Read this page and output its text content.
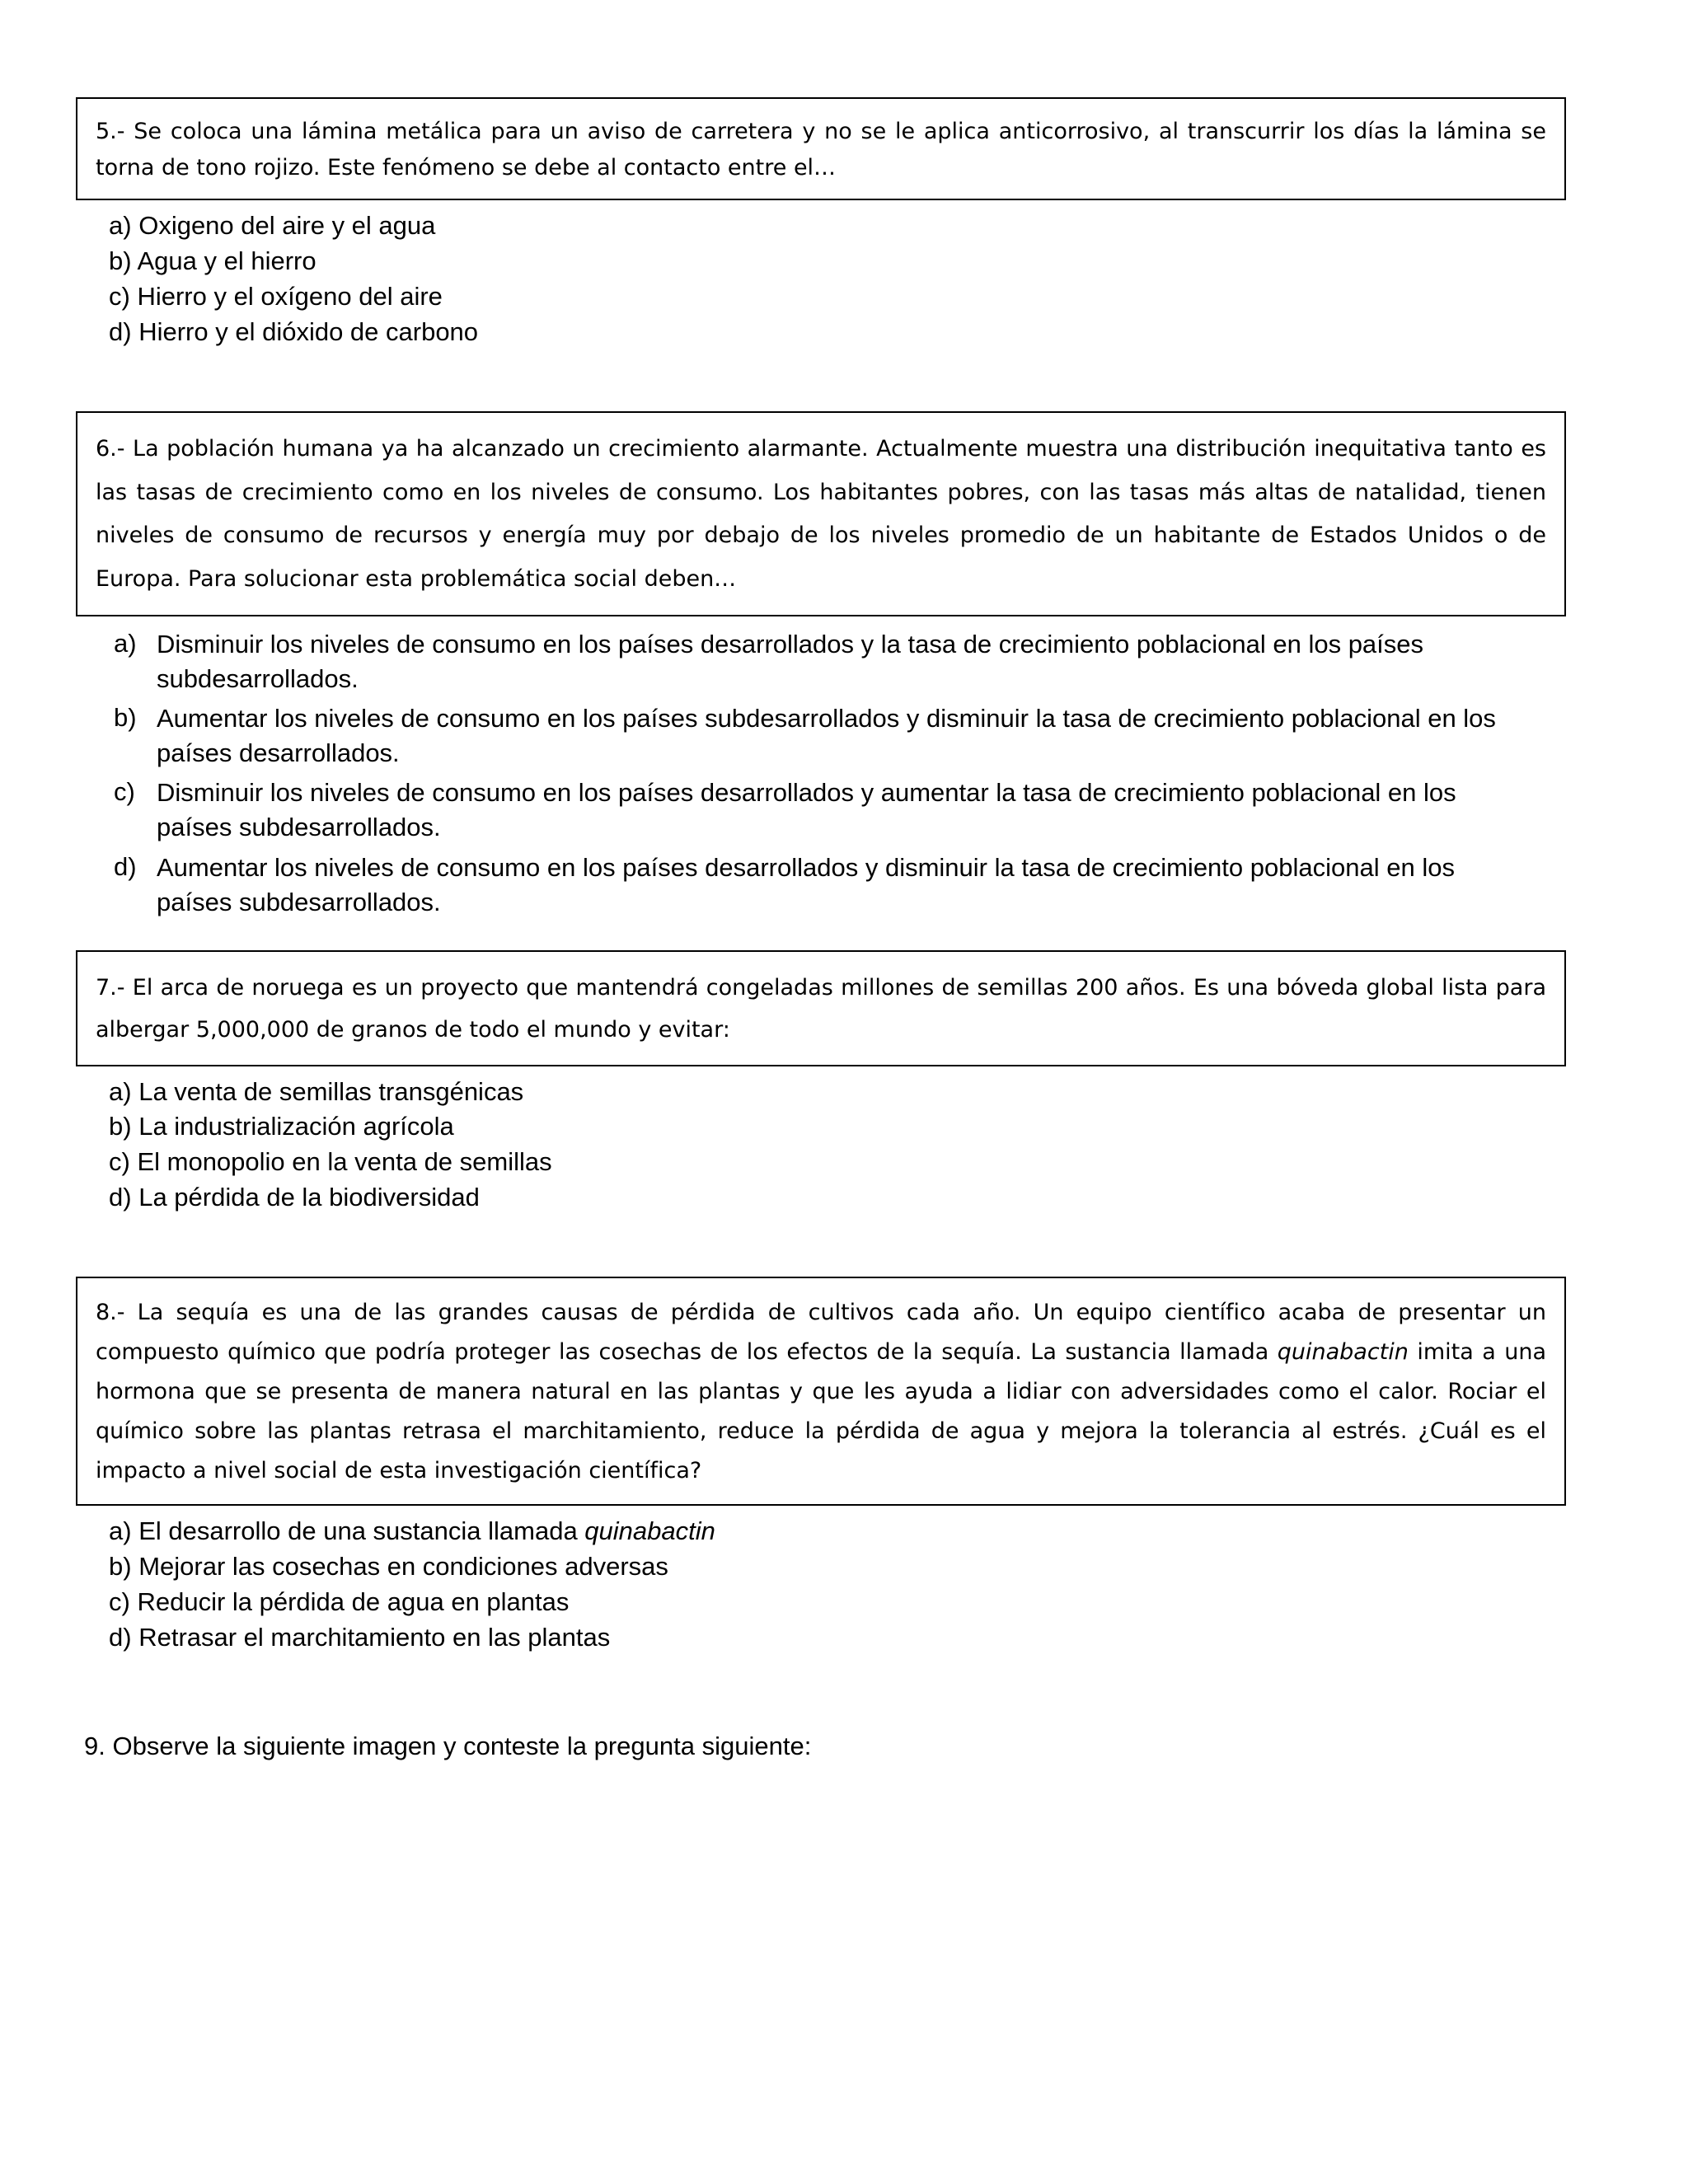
5.- Se coloca una lámina metálica para un aviso de carretera y no se le aplica anticorrosivo, al transcurrir los días la lámina se torna de tono rojizo. Este fenómeno se debe al contacto entre el…
a) Oxigeno del aire y el agua
b) Agua y el hierro
c) Hierro y el oxígeno del aire
d) Hierro y el dióxido de carbono
6.- La población humana ya ha alcanzado un crecimiento alarmante. Actualmente muestra una distribución inequitativa tanto es las tasas de crecimiento como en los niveles de consumo. Los habitantes pobres, con las tasas más altas de natalidad, tienen niveles de consumo de recursos y energía muy por debajo de los niveles promedio de un habitante de Estados Unidos o de Europa. Para solucionar esta problemática social deben…
a) Disminuir los niveles de consumo en los países desarrollados y la tasa de crecimiento poblacional en los países subdesarrollados.
b) Aumentar los niveles de consumo en los países subdesarrollados y disminuir la tasa de crecimiento poblacional en los países desarrollados.
c) Disminuir los niveles de consumo en los países desarrollados y aumentar la tasa de crecimiento poblacional en los países subdesarrollados.
d) Aumentar los niveles de consumo en los países desarrollados y disminuir la tasa de crecimiento poblacional en los países subdesarrollados.
7.- El arca de noruega es un proyecto que mantendrá congeladas millones de semillas 200 años. Es una bóveda global lista para albergar 5,000,000 de granos de todo el mundo y evitar:
a) La venta de semillas transgénicas
b) La industrialización agrícola
c) El monopolio en la venta de semillas
d) La pérdida de la biodiversidad
8.- La sequía es una de las grandes causas de pérdida de cultivos cada año. Un equipo científico acaba de presentar un compuesto químico que podría proteger las cosechas de los efectos de la sequía. La sustancia llamada quinabactin imita a una hormona que se presenta de manera natural en las plantas y que les ayuda a lidiar con adversidades como el calor. Rociar el químico sobre las plantas retrasa el marchitamiento, reduce la pérdida de agua y mejora la tolerancia al estrés. ¿Cuál es el impacto a nivel social de esta investigación científica?
a) El desarrollo de una sustancia llamada quinabactin
b) Mejorar las cosechas en condiciones adversas
c) Reducir la pérdida de agua en plantas
d) Retrasar el marchitamiento en las plantas
9. Observe la siguiente imagen y conteste la pregunta siguiente:
